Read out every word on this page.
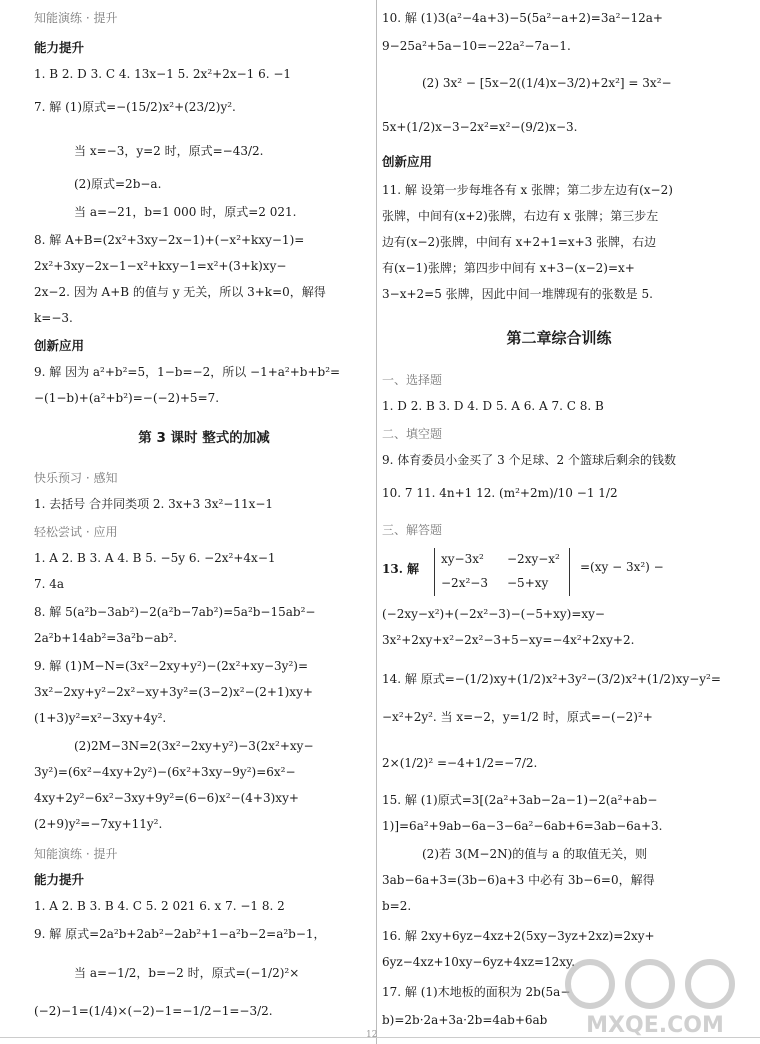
知能演练 · 提升
能力提升
1. B 2. D 3. C 4. 13x−1 5. 2x²+2x−1 6. −1
7. 解 (1)原式=−(15/2)x²+(23/2)y².
当 x=−3，y=2 时，原式=−43/2.
(2)原式=2b−a.
当 a=−21，b=1 000 时，原式=2 021.
8. 解 A+B=(2x²+3xy−2x−1)+(−x²+kxy−1)=
2x²+3xy−2x−1−x²+kxy−1=x²+(3+k)xy−
2x−2. 因为 A+B 的值与 y 无关，所以 3+k=0，解得
k=−3.
创新应用
9. 解 因为 a²+b²=5，1−b=−2，所以 −1+a²+b+b²=
−(1−b)+(a²+b²)=−(−2)+5=7.
第 3 课时 整式的加减
快乐预习 · 感知
1. 去括号 合并同类项 2. 3x+3 3x²−11x−1
轻松尝试 · 应用
1. A 2. B 3. A 4. B 5. −5y 6. −2x²+4x−1
7. 4a
8. 解 5(a²b−3ab²)−2(a²b−7ab²)=5a²b−15ab²−
2a²b+14ab²=3a²b−ab².
9. 解 (1)M−N=(3x²−2xy+y²)−(2x²+xy−3y²)=
3x²−2xy+y²−2x²−xy+3y²=(3−2)x²−(2+1)xy+
(1+3)y²=x²−3xy+4y².
(2)2M−3N=2(3x²−2xy+y²)−3(2x²+xy−
3y²)=(6x²−4xy+2y²)−(6x²+3xy−9y²)=6x²−
4xy+2y²−6x²−3xy+9y²=(6−6)x²−(4+3)xy+
(2+9)y²=−7xy+11y².
知能演练 · 提升
能力提升
1. A 2. B 3. B 4. C 5. 2 021 6. x 7. −1 8. 2
9. 解 原式=2a²b+2ab²−2ab²+1−a²b−2=a²b−1，
当 a=−1/2，b=−2 时，原式=(−1/2)²×
(−2)−1=(1/4)×(−2)−1=−1/2−1=−3/2.
10. 解 (1)3(a²−4a+3)−5(5a²−a+2)=3a²−12a+
9−25a²+5a−10=−22a²−7a−1.
(2) 3x² − [5x−2((1/4)x−3/2)+2x²] = 3x²−
5x+(1/2)x−3−2x²=x²−(9/2)x−3.
创新应用
11. 解 设第一步每堆各有 x 张牌；第二步左边有(x−2)
张牌，中间有(x+2)张牌，右边有 x 张牌；第三步左
边有(x−2)张牌，中间有 x+2+1=x+3 张牌，右边
有(x−1)张牌；第四步中间有 x+3−(x−2)=x+
3−x+2=5 张牌，因此中间一堆牌现有的张数是 5.
第二章综合训练
一、选择题
1. D 2. B 3. D 4. D 5. A 6. A 7. C 8. B
二、填空题
9. 体育委员小金买了 3 个足球、2 个篮球后剩余的钱数
10. 7 11. 4n+1 12. (m²+2m)/10 −1 1/2
三、解答题
13. 解
xy−3x² −2xy−x²
−2x²−3 −5+xy
=(xy − 3x²) −
(−2xy−x²)+(−2x²−3)−(−5+xy)=xy−
3x²+2xy+x²−2x²−3+5−xy=−4x²+2xy+2.
14. 解 原式=−(1/2)xy+(1/2)x²+3y²−(3/2)x²+(1/2)xy−y²=
−x²+2y². 当 x=−2，y=1/2 时，原式=−(−2)²+
2×(1/2)² =−4+1/2=−7/2.
15. 解 (1)原式=3[(2a²+3ab−2a−1)−2(a²+ab−
1)]=6a²+9ab−6a−3−6a²−6ab+6=3ab−6a+3.
(2)若 3(M−2N)的值与 a 的取值无关，则
3ab−6a+3=(3b−6)a+3 中必有 3b−6=0，解得
b=2.
16. 解 2xy+6yz−4xz+2(5xy−3yz+2xz)=2xy+
6yz−4xz+10xy−6yz+4xz=12xy.
17. 解 (1)木地板的面积为 2b(5a−
b)=2b·2a+3a·2b=4ab+6ab	MXQE.COM
12
